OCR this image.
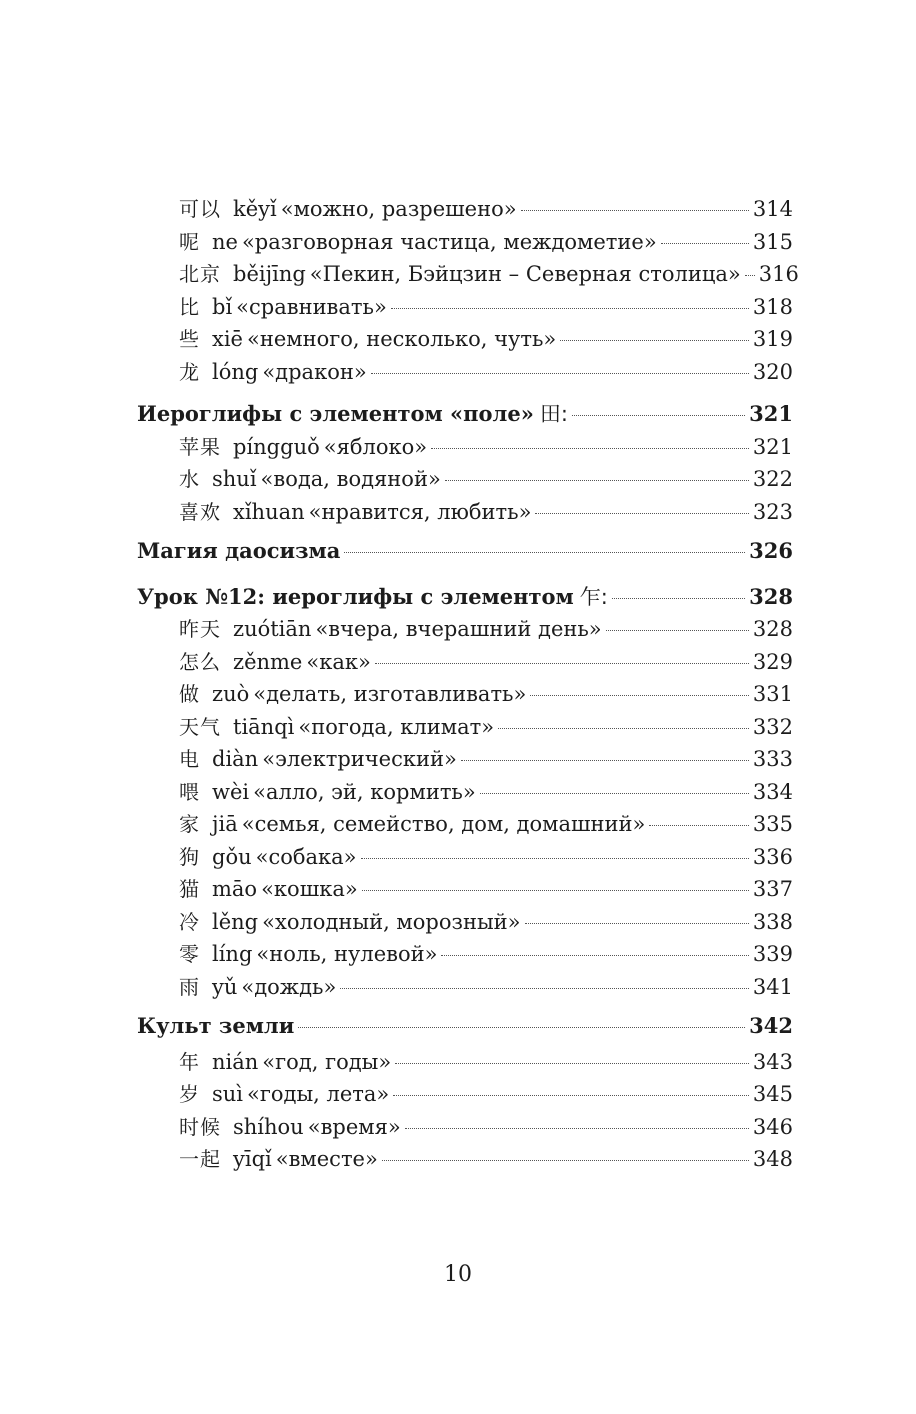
可以 kěyǐ «можно, разрешено»	314
呢 ne «разговорная частица, междометие»	315
北京 běijīng «Пекин, Бэйцзин – Северная столица» 316
比 bǐ «сравнивать»	318
些 xiē «немного, несколько, чуть»	319
龙 lóng «дракон»	320
Иероглифы с элементом «поле» 田:	321
苹果 píngguǒ «яблоко»	321
水 shuǐ «вода, водяной»	322
喜欢 xǐhuan «нравится, любить»	323
Магия даосизма	326
Урок №12: иероглифы с элементом 乍:	328
昨天 zuótiān «вчера, вчерашний день»	328
怎么 zěnme «как»	329
做 zuò «делать, изготавливать»	331
天气 tiānqì «погода, климат»	332
电 diàn «электрический»	333
喂 wèi «алло, эй, кормить»	334
家 jiā «семья, семейство, дом, домашний»	335
狗 gǒu «собака»	336
猫 māo «кошка»	337
冷 lěng «холодный, морозный»	338
零 líng «ноль, нулевой»	339
雨 yǔ «дождь»	341
Культ земли	342
年 nián «год, годы»	343
岁 suì «годы, лета»	345
时候 shíhou «время»	346
一起 yīqǐ «вместе»	348
10
